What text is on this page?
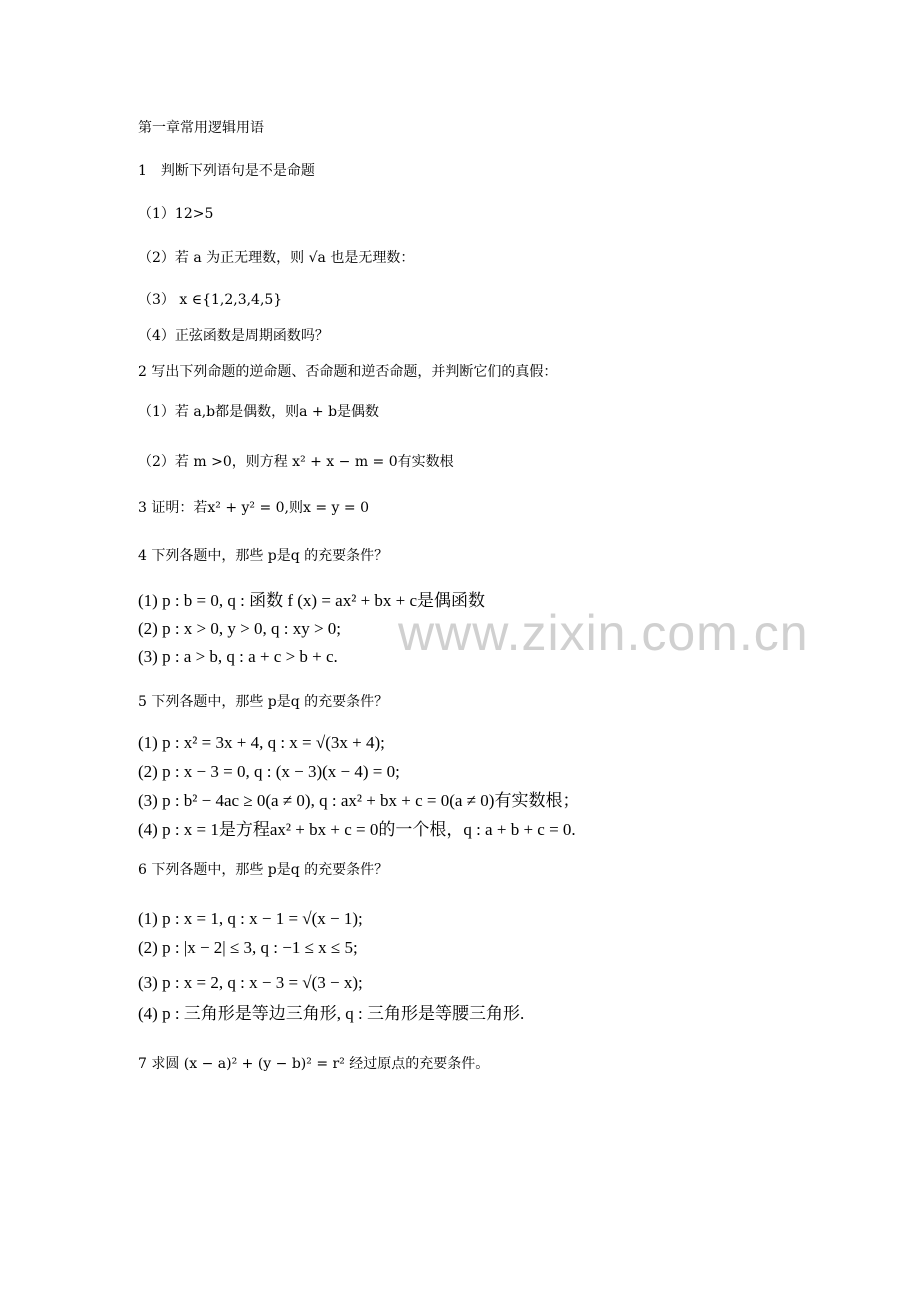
www.zixin.com.cn
第一章常用逻辑用语
1　判断下列语句是不是命题
（1）12>5
（2）若 a 为正无理数，则 √a 也是无理数：
（3） x ∈{1,2,3,4,5}
（4）正弦函数是周期函数吗？
2 写出下列命题的逆命题、否命题和逆否命题，并判断它们的真假：
（1）若 a,b都是偶数，则a + b是偶数
（2）若 m >0，则方程 x² + x − m = 0有实数根
3 证明：若x² + y² = 0,则x = y = 0
4 下列各题中，那些 p是q 的充要条件？
(1) p : b = 0, q : 函数 f (x) = ax² + bx + c是偶函数
(2) p : x > 0, y > 0, q : xy > 0;
(3) p : a > b, q : a + c > b + c.
5 下列各题中，那些 p是q 的充要条件？
(1) p : x² = 3x + 4, q : x = √(3x + 4);
(2) p : x − 3 = 0, q : (x − 3)(x − 4) = 0;
(3) p : b² − 4ac ≥ 0(a ≠ 0), q : ax² + bx + c = 0(a ≠ 0)有实数根；
(4) p : x = 1是方程ax² + bx + c = 0的一个根，q : a + b + c = 0.
6 下列各题中，那些 p是q 的充要条件？
(1) p : x = 1, q : x − 1 = √(x − 1);
(2) p : |x − 2| ≤ 3, q : −1 ≤ x ≤ 5;
(3) p : x = 2, q : x − 3 = √(3 − x);
(4) p : 三角形是等边三角形, q : 三角形是等腰三角形.
7 求圆 (x − a)² + (y − b)² = r² 经过原点的充要条件。
